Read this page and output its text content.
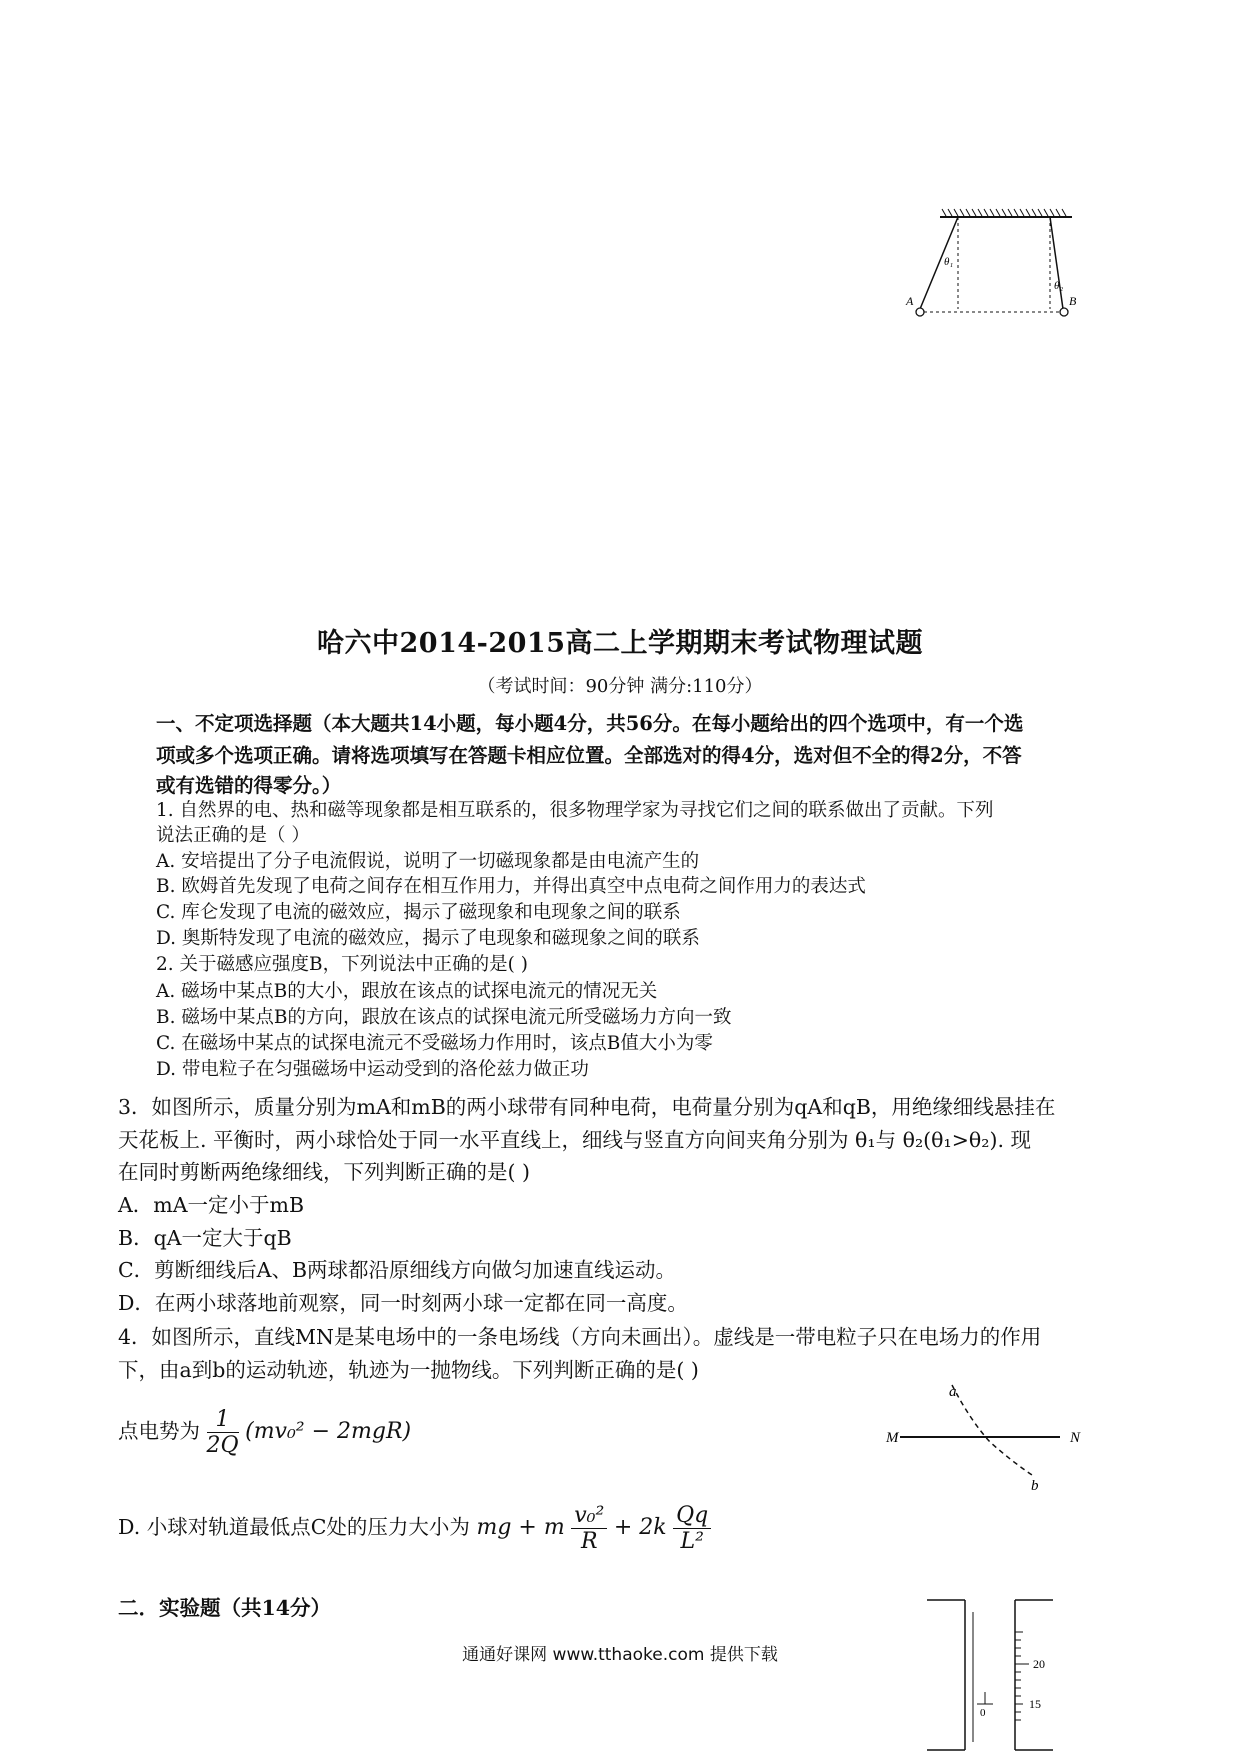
A	B
θ₁
θ₂
哈六中2014-2015高二上学期期末考试物理试题
（考试时间：90分钟 满分:110分）
一、不定项选择题（本大题共14小题，每小题4分，共56分。在每小题给出的四个选项中，有一个选
项或多个选项正确。请将选项填写在答题卡相应位置。全部选对的得4分，选对但不全的得2分，不答
或有选错的得零分。）
1. 自然界的电、热和磁等现象都是相互联系的，很多物理学家为寻找它们之间的联系做出了贡献。下列
说法正确的是（ ）
A. 安培提出了分子电流假说，说明了一切磁现象都是由电流产生的
B. 欧姆首先发现了电荷之间存在相互作用力，并得出真空中点电荷之间作用力的表达式
C. 库仑发现了电流的磁效应，揭示了磁现象和电现象之间的联系
D. 奥斯特发现了电流的磁效应，揭示了电现象和磁现象之间的联系
2. 关于磁感应强度B，下列说法中正确的是( )
A. 磁场中某点B的大小，跟放在该点的试探电流元的情况无关
B. 磁场中某点B的方向，跟放在该点的试探电流元所受磁场力方向一致
C. 在磁场中某点的试探电流元不受磁场力作用时，该点B值大小为零
D. 带电粒子在匀强磁场中运动受到的洛伦兹力做正功
3．如图所示，质量分别为mA和mB的两小球带有同种电荷，电荷量分别为qA和qB，用绝缘细线悬挂在
天花板上. 平衡时，两小球恰处于同一水平直线上，细线与竖直方向间夹角分别为 θ₁与 θ₂(θ₁>θ₂). 现
在同时剪断两绝缘细线，下列判断正确的是( )
A．mA一定小于mB
B．qA一定大于qB
C．剪断细线后A、B两球都沿原细线方向做匀加速直线运动。
D．在两小球落地前观察，同一时刻两小球一定都在同一高度。
4．如图所示，直线MN是某电场中的一条电场线（方向未画出）。虚线是一带电粒子只在电场力的作用
下，由a到b的运动轨迹，轨迹为一抛物线。下列判断正确的是( )
M	N
a
b
点电势为 $\frac{1}{2Q} (mv_0^2 - 2mgR)$
D. 小球对轨道最低点C处的压力大小为 mg + m $\frac{\text{v₀²}}{R} + 2k \frac{Qq}{\text{L²}}$
二．实验题（共14分）
通通好课网 www.tthaoke.com 提供下载	20
15
0
